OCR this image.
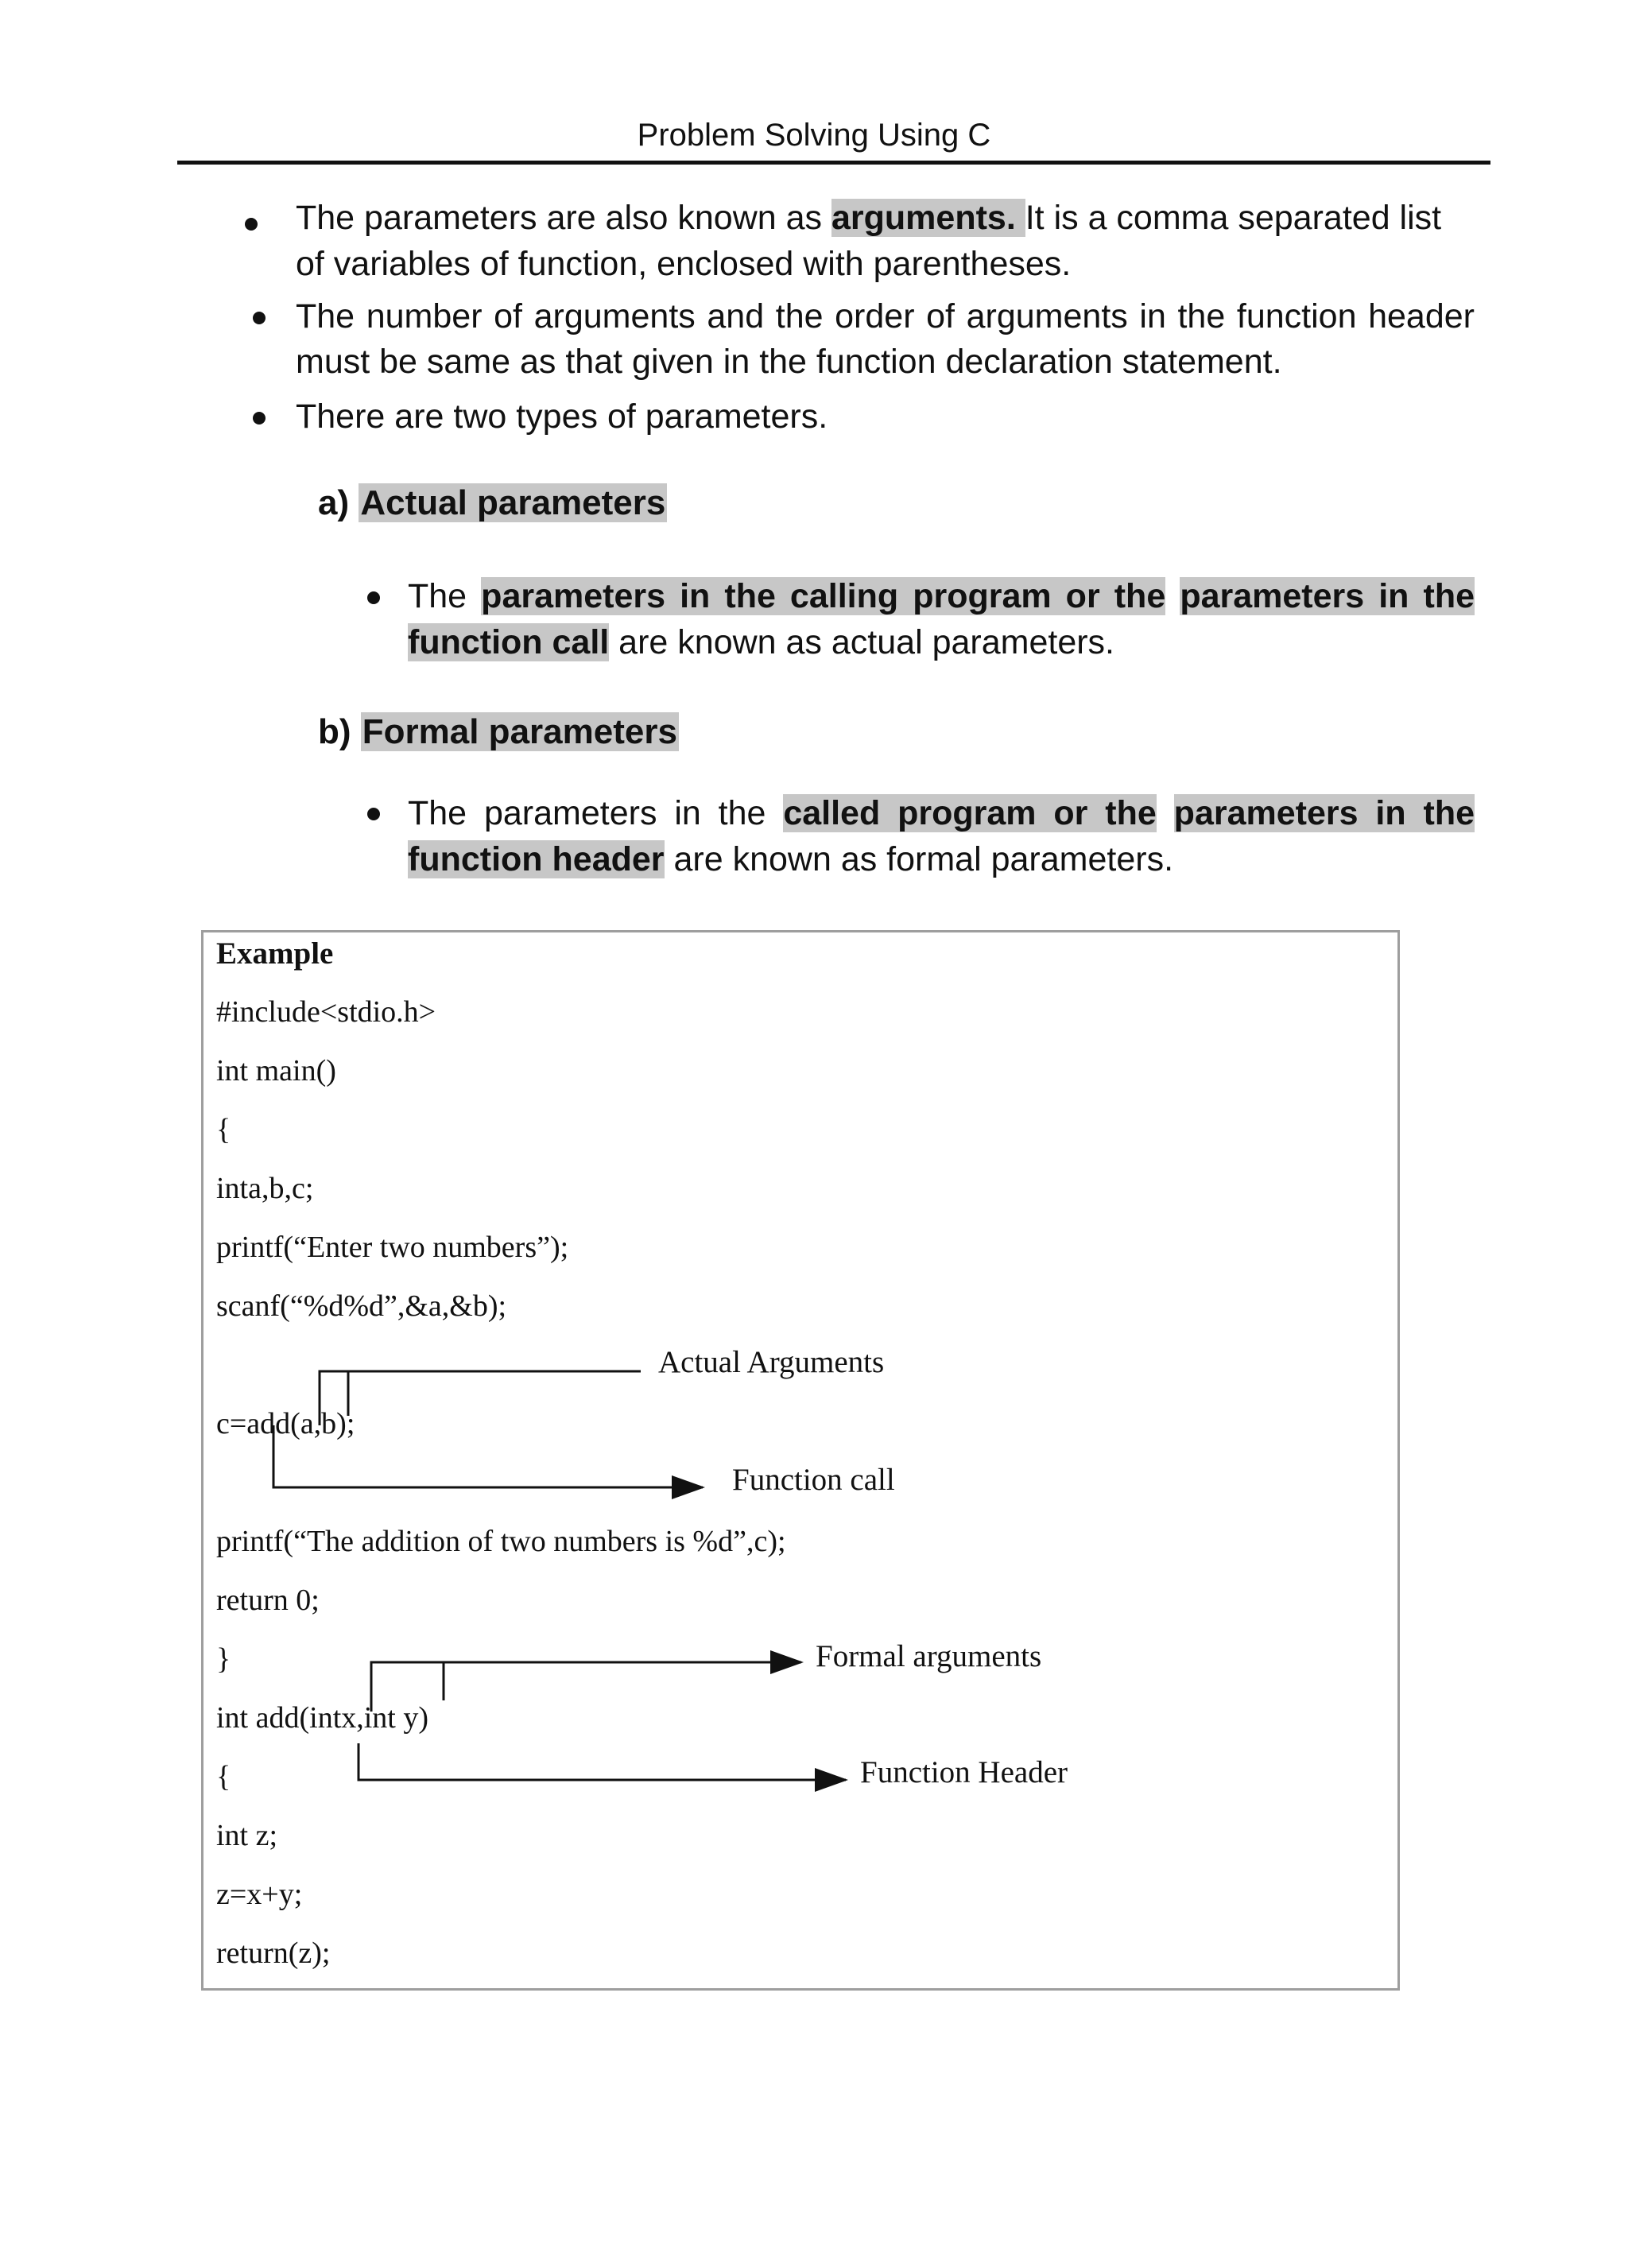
Problem Solving Using C
The parameters are also known as arguments. It is a comma separated list of variables of function, enclosed with parentheses.
The number of arguments and the order of arguments in the function header must be same as that given in the function declaration statement.
There are two types of parameters.
a) Actual parameters
The parameters in the calling program or the parameters in the function call are known as actual parameters.
b) Formal parameters
The parameters in the called program or the parameters in the function header are known as formal parameters.
Example
#include<stdio.h>
int main()
{
inta,b,c;
printf(“Enter two numbers”);
scanf(“%d%d”,&a,&b);
c=add(a,b);
printf(“The addition of two numbers is %d”,c);
return 0;
}
int add(intx,int y)
{
int z;
z=x+y;
return(z);
Actual Arguments
Function call
Formal arguments
Function Header
